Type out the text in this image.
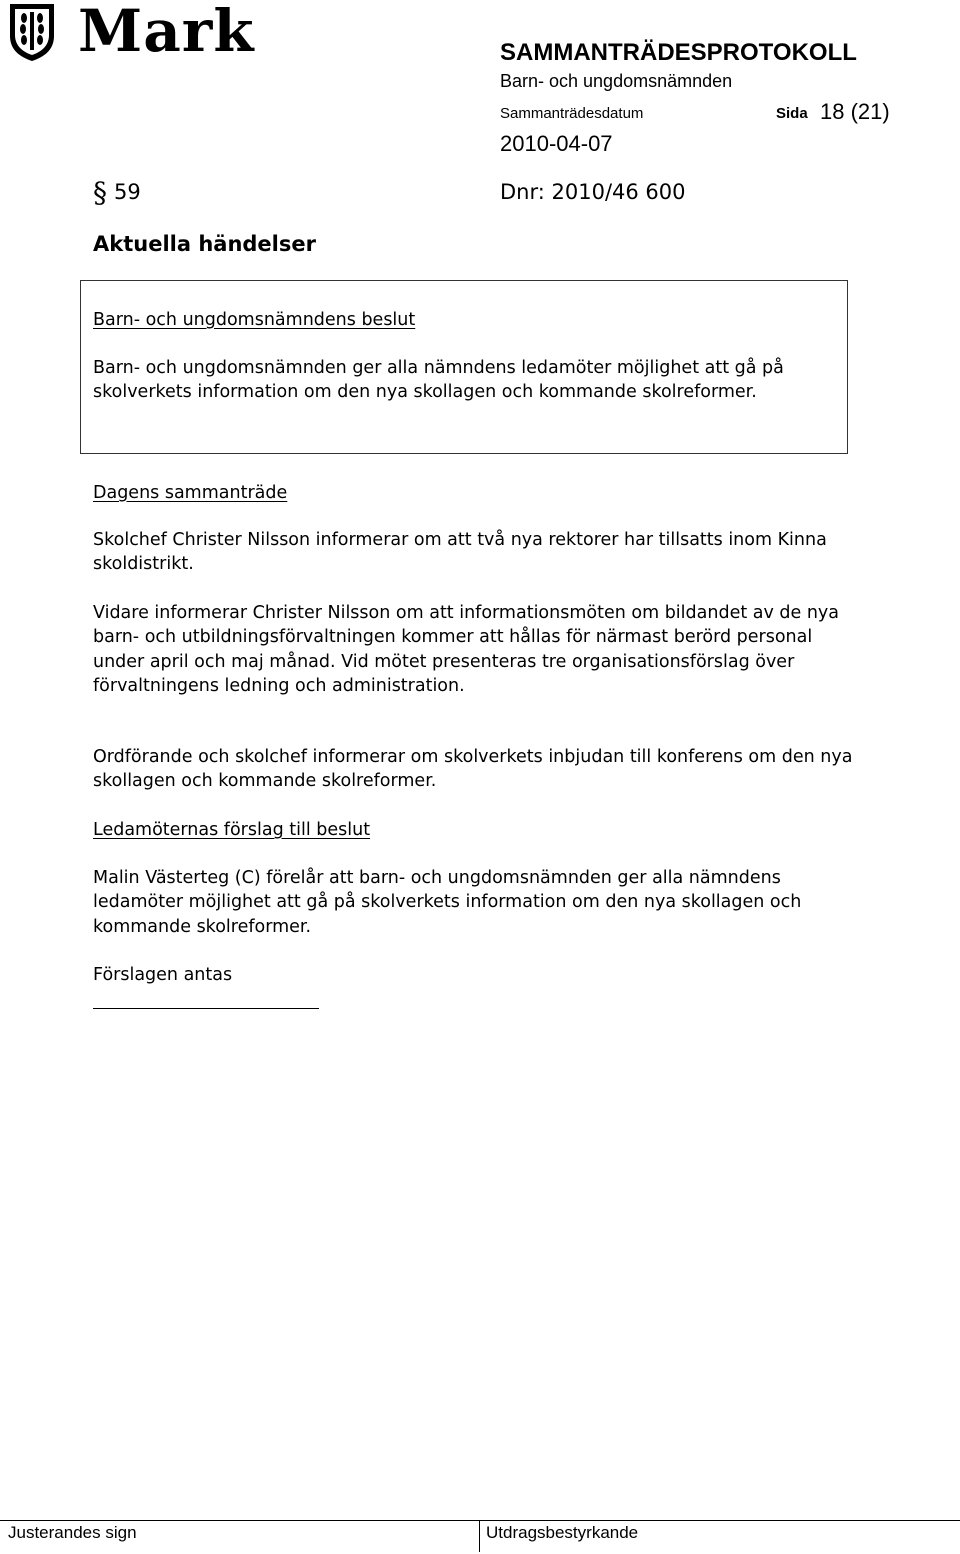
Mark	SAMMANTRÄDESPROTOKOLL
Barn- och ungdomsnämnden
Sammanträdesdatum	Sida 18 (21)
2010-04-07
§ 59	Dnr: 2010/46 600
Aktuella händelser
Barn- och ungdomsnämndens beslut
Barn- och ungdomsnämnden ger alla nämndens ledamöter möjlighet att gå på skolverkets information om den nya skollagen och kommande skolreformer.
Dagens sammanträde
Skolchef Christer Nilsson informerar om att två nya rektorer har tillsatts inom Kinna skoldistrikt.
Vidare informerar Christer Nilsson om att informationsmöten om bildandet av de nya barn- och utbildningsförvaltningen kommer att hållas för närmast berörd personal under april och maj månad. Vid mötet presenteras tre organisationsförslag över förvaltningens ledning och administration.
Ordförande och skolchef informerar om skolverkets inbjudan till konferens om den nya skollagen och kommande skolreformer.
Ledamöternas förslag till beslut
Malin Västerteg (C) förelår att barn- och ungdomsnämnden ger alla nämndens ledamöter möjlighet att gå på skolverkets information om den nya skollagen och kommande skolreformer.
Förslagen antas
Justerandes sign	Utdragsbestyrkande
